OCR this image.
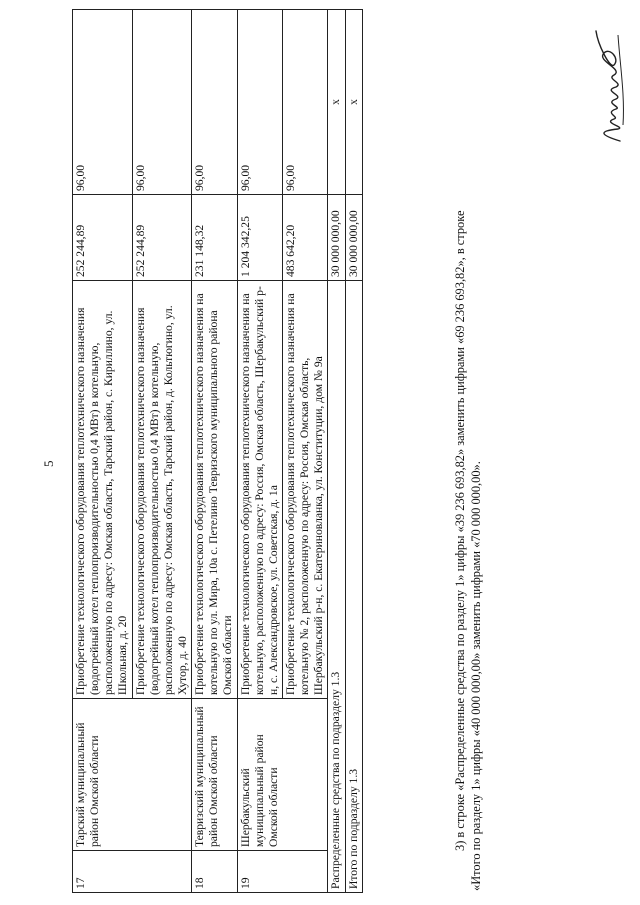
5
17	Тарский муниципальный район Омской области	Приобретение технологического оборудования теплотехнического назначения (водогрейный котел теплопроизводительностью 0,4 МВт) в котельную, расположенную по адресу: Омская область, Тарский район, с. Кириллино, ул. Школьная, д. 20	252 244,89	96,00
		Приобретение технологического оборудования теплотехнического назначения (водогрейный котел теплопроизводительностью 0,4 МВт) в котельную, расположенную по адресу: Омская область, Тарский район, д. Кольтюгино, ул. Хутор, д. 40	252 244,89	96,00
18	Тевризский муниципальный район Омской области	Приобретение технологического оборудования теплотехнического назначения на котельную по ул. Мира, 10а с. Петелино Тевризского муниципального района Омской области	231 148,32	96,00
19	Шербакульский муниципальный район Омской области	Приобретение технологического оборудования теплотехнического назначения на котельную, расположенную по адресу: Россия, Омская область, Шербакульский р-н, с. Александровское, ул. Советская, д. 1а	1 204 342,25	96,00
		Приобретение технологического оборудования теплотехнического назначения на котельную № 2, расположенную по адресу: Россия, Омская область, Шербакульский р-н, с. Екатериновланка, ул. Конституции, дом № 9а	483 642,20	96,00
Распределенные средства по подразделу 1.3			30 000 000,00	x
Итого по подразделу 1.3			30 000 000,00	x

3) в строке «Распределенные средства по разделу 1» цифры «39 236 693,82» заменить цифрами «69 236 693,82», в строке «Итого по разделу 1» цифры «40 000 000,00» заменить цифрами «70 000 000,00».
